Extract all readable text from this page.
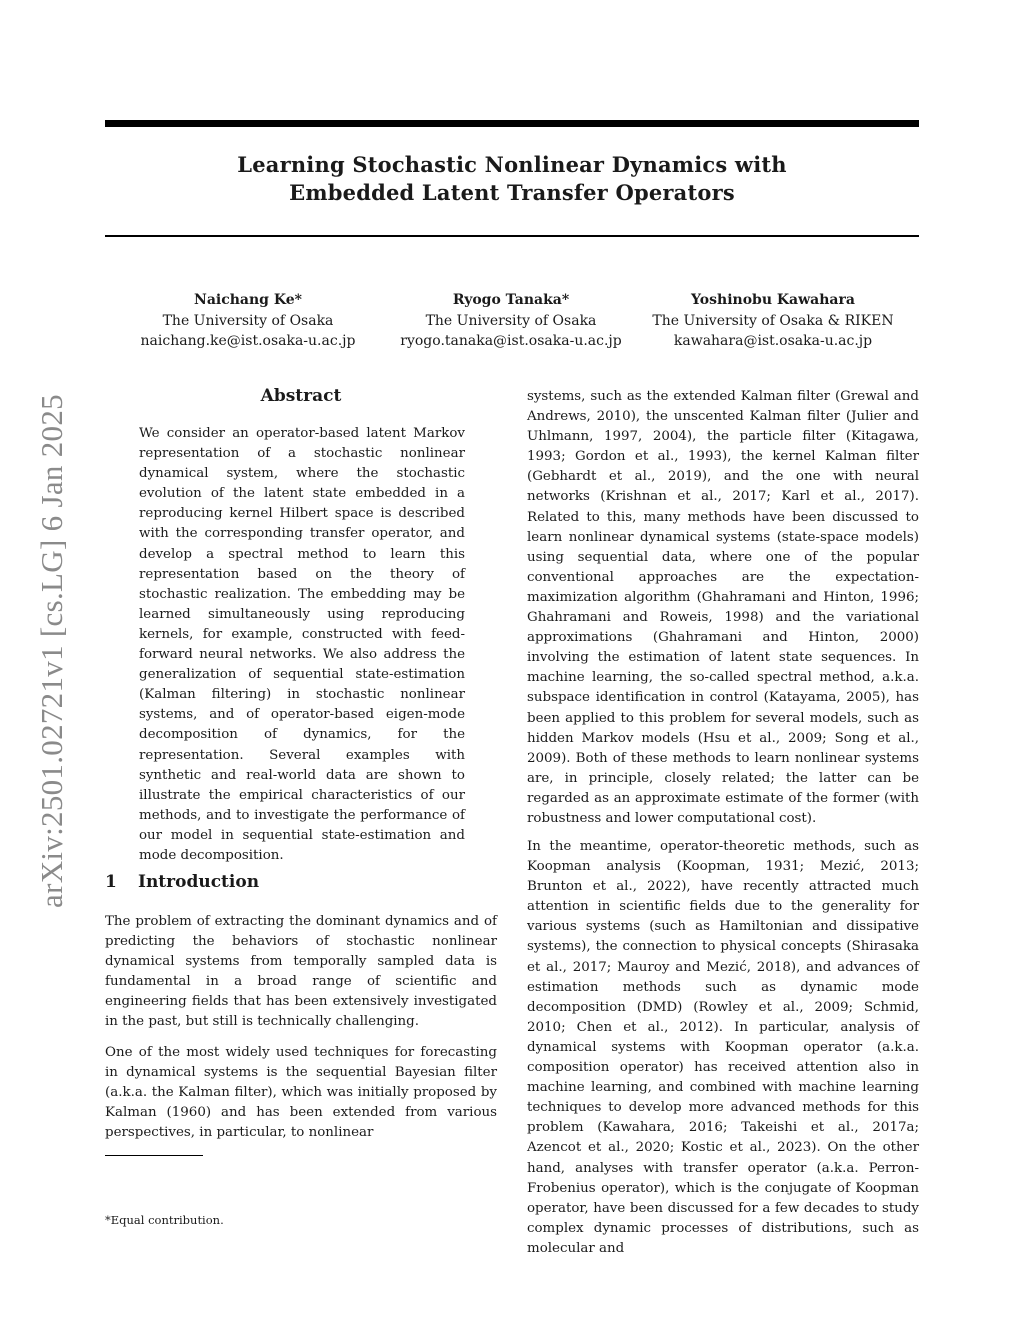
Learning Stochastic Nonlinear Dynamics with
Embedded Latent Transfer Operators
arXiv:2501.02721v1 [cs.LG] 6 Jan 2025
Naichang Ke*
The University of Osaka
naichang.ke@ist.osaka-u.ac.jp
Ryogo Tanaka*
The University of Osaka
ryogo.tanaka@ist.osaka-u.ac.jp
Yoshinobu Kawahara
The University of Osaka & RIKEN
kawahara@ist.osaka-u.ac.jp
Abstract
We consider an operator-based latent Markov representation of a stochastic nonlinear dynamical system, where the stochastic evolution of the latent state embedded in a reproducing kernel Hilbert space is described with the corresponding transfer operator, and develop a spectral method to learn this representation based on the theory of stochastic realization. The embedding may be learned simultaneously using reproducing kernels, for example, constructed with feed-forward neural networks. We also address the generalization of sequential state-estimation (Kalman filtering) in stochastic nonlinear systems, and of operator-based eigen-mode decomposition of dynamics, for the representation. Several examples with synthetic and real-world data are shown to illustrate the empirical characteristics of our methods, and to investigate the performance of our model in sequential state-estimation and mode decomposition.
1 Introduction
The problem of extracting the dominant dynamics and of predicting the behaviors of stochastic nonlinear dynamical systems from temporally sampled data is fundamental in a broad range of scientific and engineering fields that has been extensively investigated in the past, but still is technically challenging.
One of the most widely used techniques for forecasting in dynamical systems is the sequential Bayesian filter (a.k.a. the Kalman filter), which was initially proposed by Kalman (1960) and has been extended from various perspectives, in particular, to nonlinear
systems, such as the extended Kalman filter (Grewal and Andrews, 2010), the unscented Kalman filter (Julier and Uhlmann, 1997, 2004), the particle filter (Kitagawa, 1993; Gordon et al., 1993), the kernel Kalman filter (Gebhardt et al., 2019), and the one with neural networks (Krishnan et al., 2017; Karl et al., 2017). Related to this, many methods have been discussed to learn nonlinear dynamical systems (state-space models) using sequential data, where one of the popular conventional approaches are the expectation-maximization algorithm (Ghahramani and Hinton, 1996; Ghahramani and Roweis, 1998) and the variational approximations (Ghahramani and Hinton, 2000) involving the estimation of latent state sequences. In machine learning, the so-called spectral method, a.k.a. subspace identification in control (Katayama, 2005), has been applied to this problem for several models, such as hidden Markov models (Hsu et al., 2009; Song et al., 2009). Both of these methods to learn nonlinear systems are, in principle, closely related; the latter can be regarded as an approximate estimate of the former (with robustness and lower computational cost).
In the meantime, operator-theoretic methods, such as Koopman analysis (Koopman, 1931; Mezić, 2013; Brunton et al., 2022), have recently attracted much attention in scientific fields due to the generality for various systems (such as Hamiltonian and dissipative systems), the connection to physical concepts (Shirasaka et al., 2017; Mauroy and Mezić, 2018), and advances of estimation methods such as dynamic mode decomposition (DMD) (Rowley et al., 2009; Schmid, 2010; Chen et al., 2012). In particular, analysis of dynamical systems with Koopman operator (a.k.a. composition operator) has received attention also in machine learning, and combined with machine learning techniques to develop more advanced methods for this problem (Kawahara, 2016; Takeishi et al., 2017a; Azencot et al., 2020; Kostic et al., 2023). On the other hand, analyses with transfer operator (a.k.a. Perron-Frobenius operator), which is the conjugate of Koopman operator, have been discussed for a few decades to study complex dynamic processes of distributions, such as molecular and
*Equal contribution.
